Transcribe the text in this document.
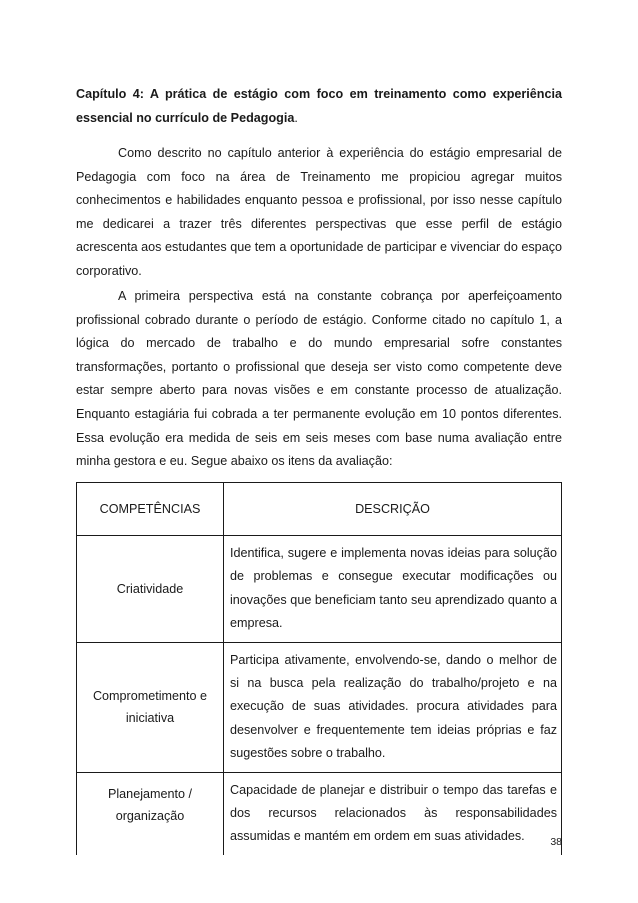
Capítulo 4: A prática de estágio com foco em treinamento como experiência essencial no currículo de Pedagogia.

Como descrito no capítulo anterior à experiência do estágio empresarial de Pedagogia com foco na área de Treinamento me propiciou agregar muitos conhecimentos e habilidades enquanto pessoa e profissional, por isso nesse capítulo me dedicarei a trazer três diferentes perspectivas que esse perfil de estágio acrescenta aos estudantes que tem a oportunidade de participar e vivenciar do espaço corporativo.

A primeira perspectiva está na constante cobrança por aperfeiçoamento profissional cobrado durante o período de estágio. Conforme citado no capítulo 1, a lógica do mercado de trabalho e do mundo empresarial sofre constantes transformações, portanto o profissional que deseja ser visto como competente deve estar sempre aberto para novas visões e em constante processo de atualização. Enquanto estagiária fui cobrada a ter permanente evolução em 10 pontos diferentes. Essa evolução era medida de seis em seis meses com base numa avaliação entre minha gestora e eu. Segue abaixo os itens da avaliação:

COMPETÊNCIAS	DESCRIÇÃO
Criatividade	Identifica, sugere e implementa novas ideias para solução de problemas e consegue executar modificações ou inovações que beneficiam tanto seu aprendizado quanto a empresa.
Comprometimento e iniciativa	Participa ativamente, envolvendo-se, dando o melhor de si na busca pela realização do trabalho/projeto e na execução de suas atividades. procura atividades para desenvolver e frequentemente tem ideias próprias e faz sugestões sobre o trabalho.
Planejamento / organização	Capacidade de planejar e distribuir o tempo das tarefas e dos recursos relacionados às responsabilidades assumidas e mantém em ordem em suas atividades.	38
